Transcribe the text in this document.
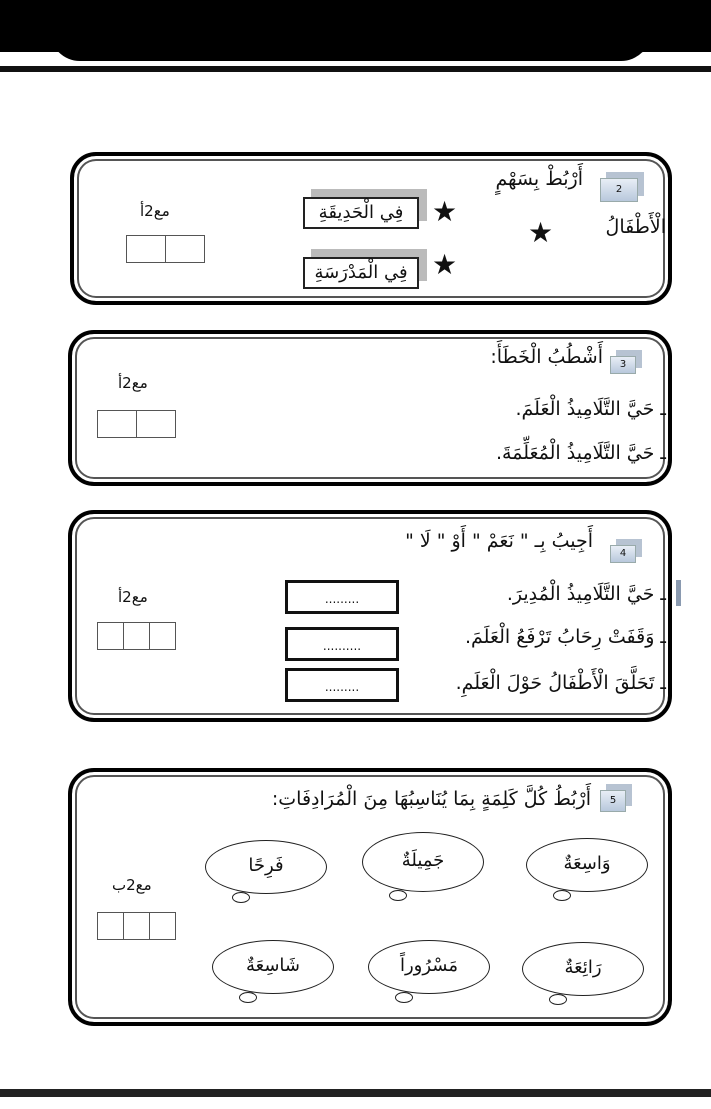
2
أَرْبُطْ بِسَهْمٍ
الْأَطْفَالُ
★
★
★
فِي الْحَدِيقَةِ
فِي الْمَدْرَسَةِ
مع2أ
3
أَشْطُبُ الْخَطَأَ:
ـ حَيَّ التَّلَامِيذُ الْعَلَمَ.
ـ حَيَّ التَّلَامِيذُ الْمُعَلِّمَةَ.
مع2أ
4
أَجِيبُ بِـ " نَعَمْ " أَوْ " لَا "
ـ حَيَّ التَّلَامِيذُ الْمُدِيرَ.
ـ وَقَفَتْ رِحَابُ تَرْفَعُ الْعَلَمَ.
ـ تَحَلَّقَ الْأَطْفَالُ حَوْلَ الْعَلَمِ.
.........
..........
.........
مع2أ
5
أَرْبُطُ كُلَّ كَلِمَةٍ بِمَا يُنَاسِبُهَا مِنَ الْمُرَادِفَاتِ:
وَاسِعَةٌ
جَمِيلَةٌ
فَرِحًا
رَائِعَةٌ
مَسْرُوراً
شَاسِعَةٌ
مع2ب
